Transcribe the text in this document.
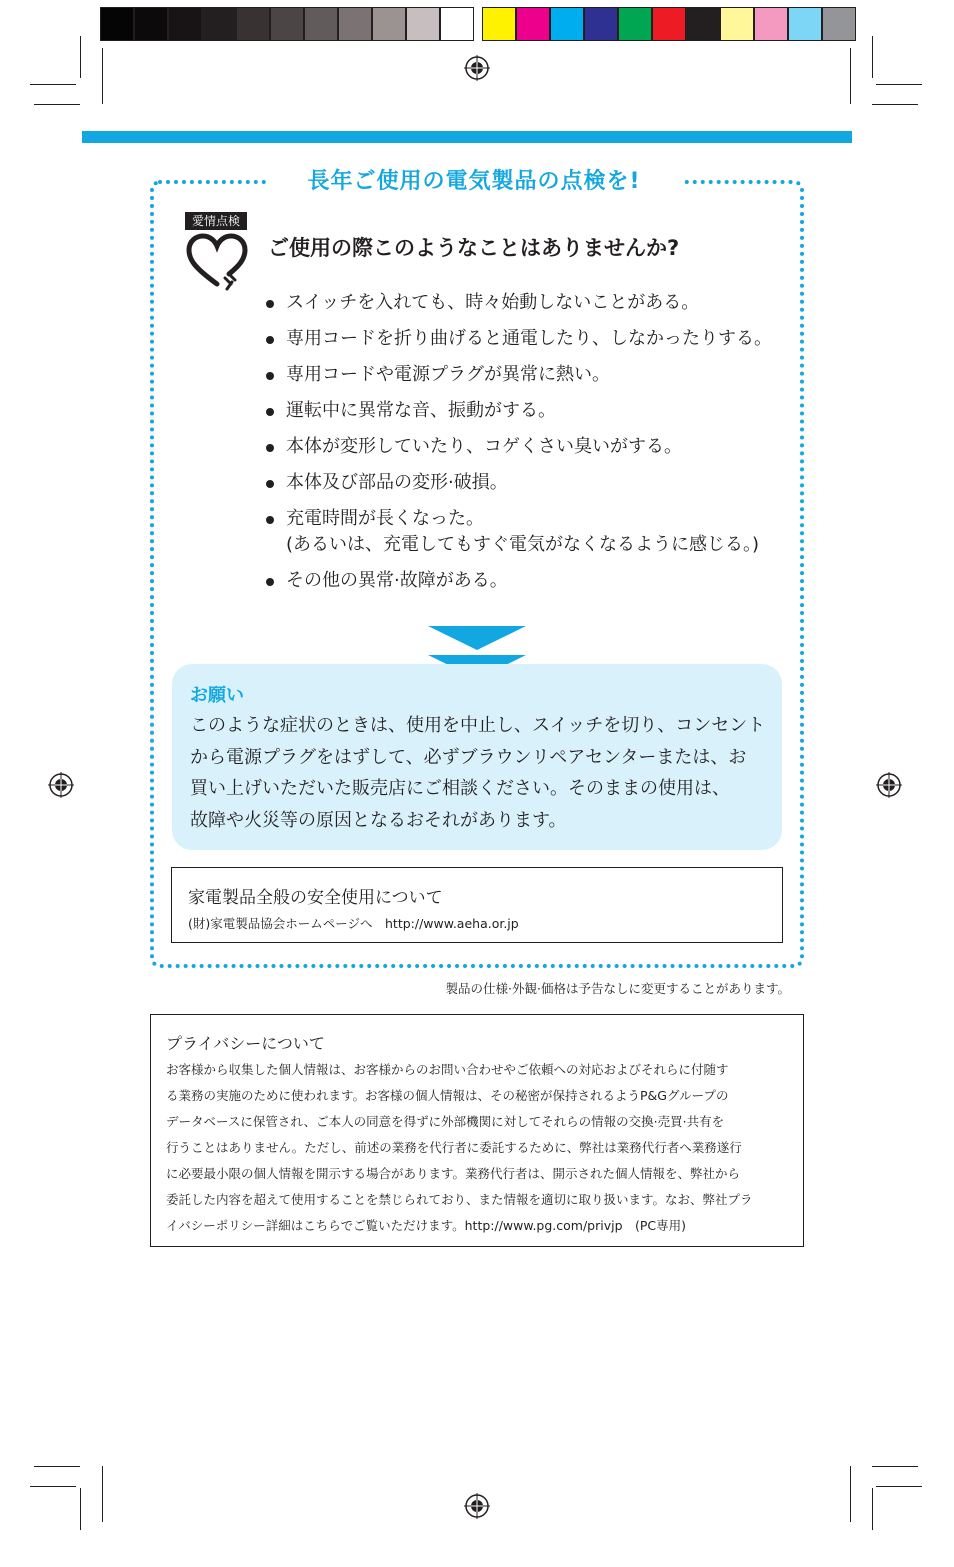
長年ご使用の電気製品の点検を!
愛情点検
ご使用の際このようなことはありませんか?
スイッチを入れても、時々始動しないことがある。
専用コードを折り曲げると通電したり、しなかったりする。
専用コードや電源プラグが異常に熱い。
運転中に異常な音、振動がする。
本体が変形していたり、コゲくさい臭いがする。
本体及び部品の変形·破損。
充電時間が長くなった。
(あるいは、充電してもすぐ電気がなくなるように感じる。)
その他の異常·故障がある。
お願い
このような症状のときは、使用を中止し、スイッチを切り、コンセント
から電源プラグをはずして、必ずブラウンリペアセンターまたは、お
買い上げいただいた販売店にご相談ください。そのままの使用は、
故障や火災等の原因となるおそれがあります。
家電製品全般の安全使用について
(財)家電製品協会ホームページへ　http://www.aeha.or.jp
製品の仕様·外観·価格は予告なしに変更することがあります。
プライバシーについて
お客様から収集した個人情報は、お客様からのお問い合わせやご依頼への対応およびそれらに付随す
る業務の実施のために使われます。お客様の個人情報は、その秘密が保持されるようP&Gグループの
データベースに保管され、ご本人の同意を得ずに外部機関に対してそれらの情報の交換·売買·共有を
行うことはありません。ただし、前述の業務を代行者に委託するために、弊社は業務代行者へ業務遂行
に必要最小限の個人情報を開示する場合があります。業務代行者は、開示された個人情報を、弊社から
委託した内容を超えて使用することを禁じられており、また情報を適切に取り扱います。なお、弊社プラ
イバシーポリシー詳細はこちらでご覧いただけます。http://www.pg.com/privjp　(PC専用)
